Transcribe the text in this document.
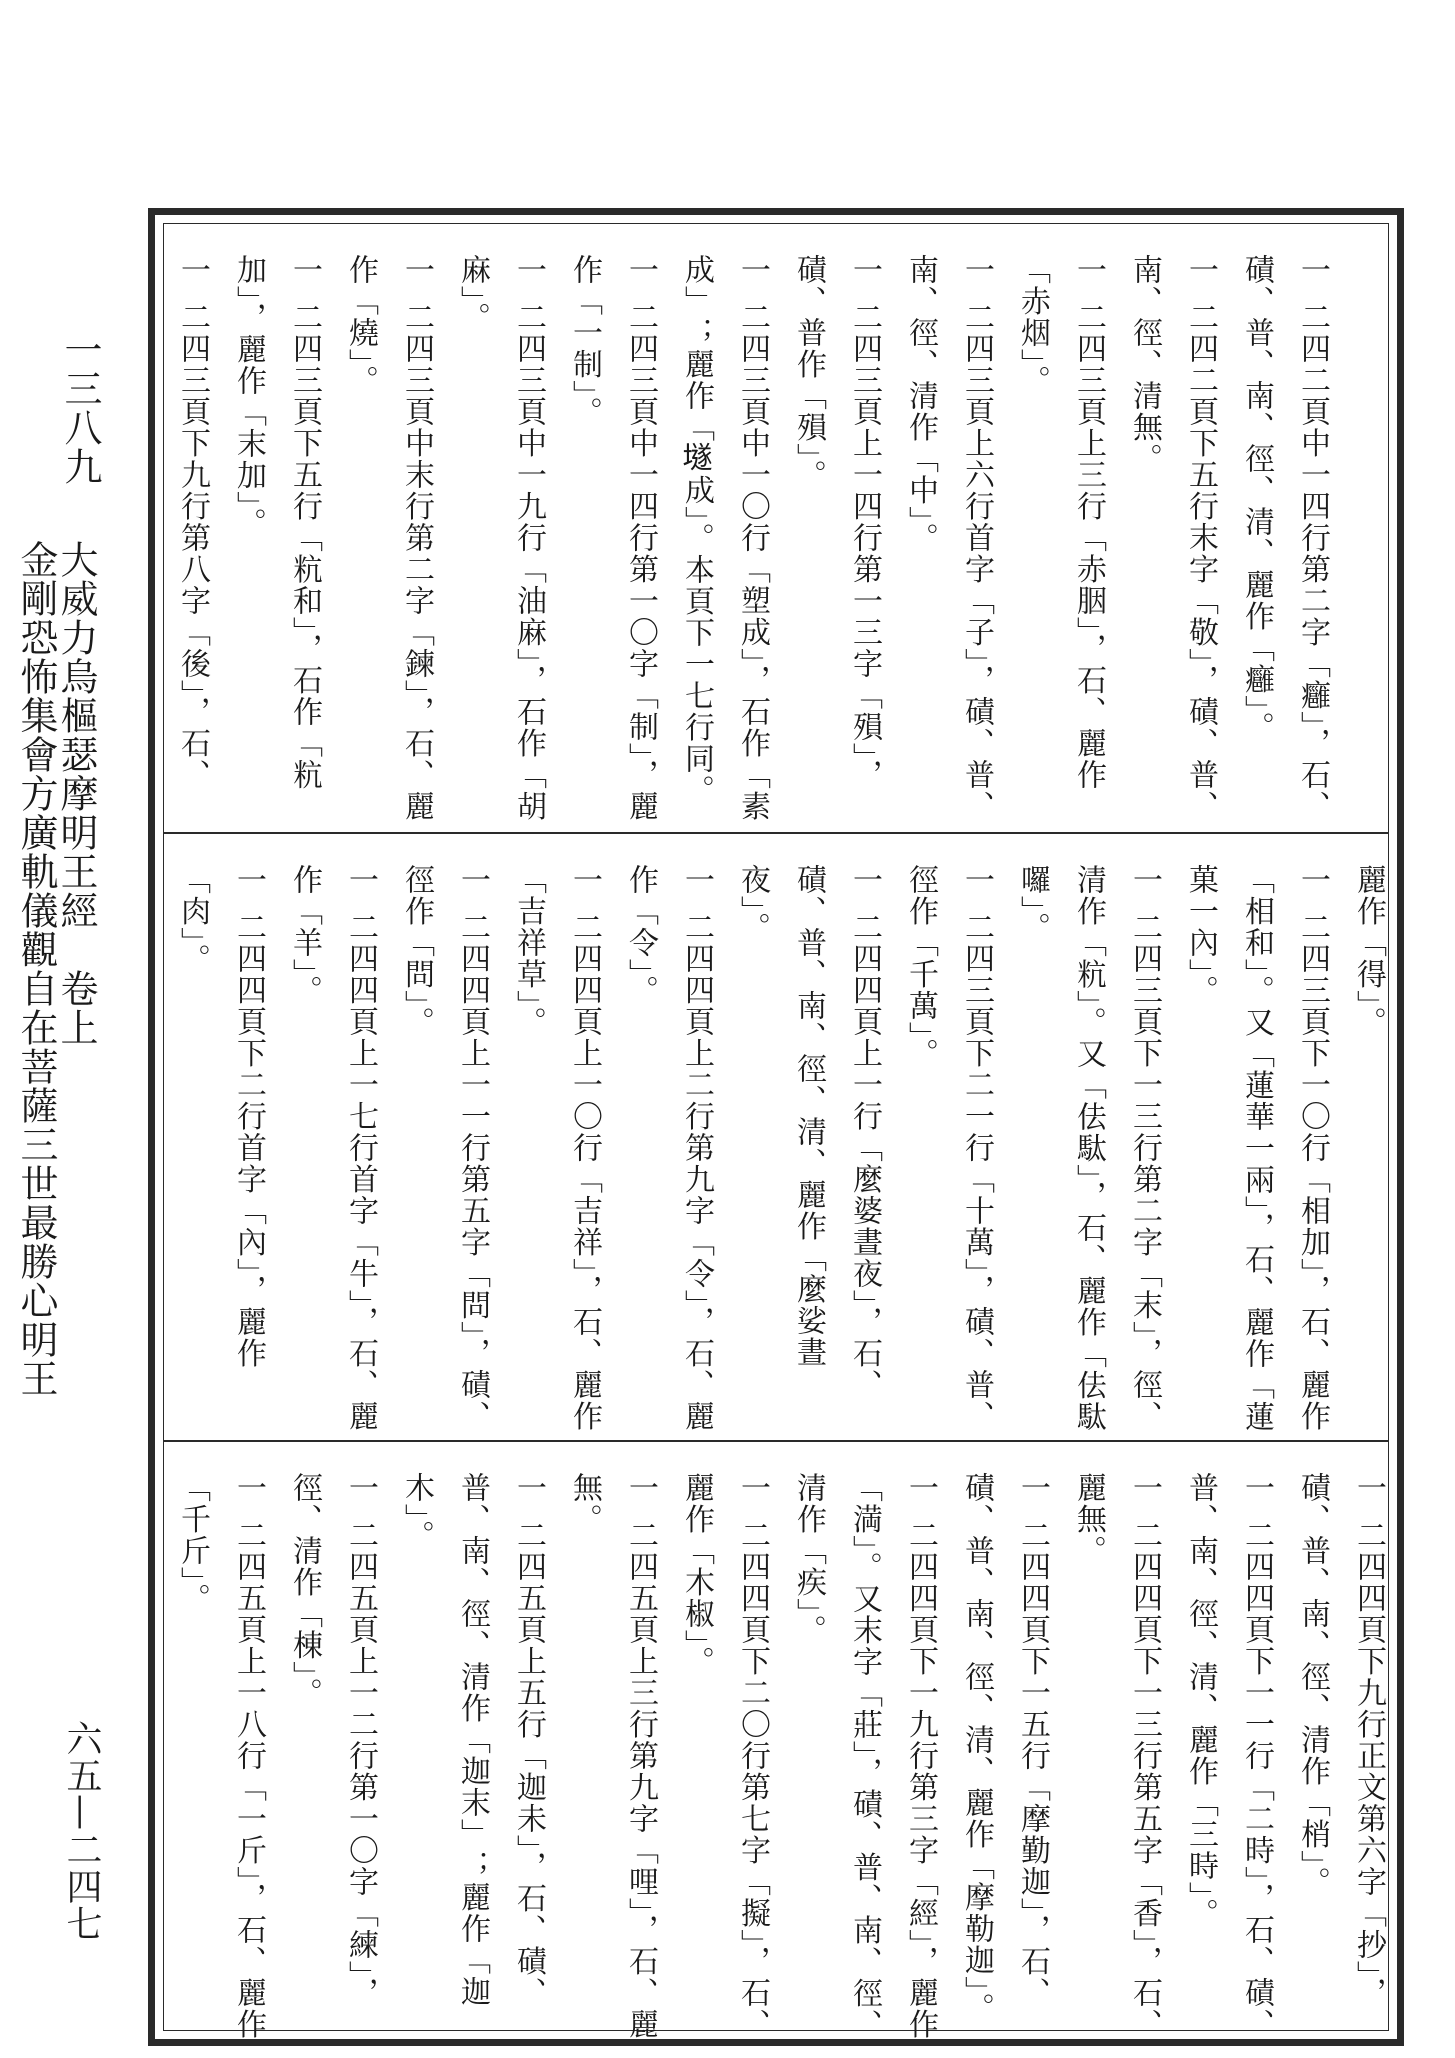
一三八九
金剛恐怖集會方廣軌儀觀自在菩薩三世最勝心明王
大威力烏樞瑟摩明王經　卷上
六五—二四七
一二四二頁中一四行第二字「癰」，石、磧、普、南、徑、清、麗作「癰」。
一二四二頁下五行末字「敬」，磧、普、南、徑、清無。
一二四三頁上三行「赤胭」，石、麗作「赤烟」。
一二四三頁上六行首字「子」，磧、普、南、徑、清作「中」。
一二四三頁上一四行第一三字「殞」，磧、普作「殞」。
一二四三頁中一〇行「塑成」，石作「素成」；麗作「𡑞成」。本頁下一七行同。
一二四三頁中一四行第一〇字「制」，麗作「一制」。
一二四三頁中一九行「油麻」，石作「胡麻」。
一二四三頁中末行第二字「鍊」，石、麗作「燒」。
一二四三頁下五行「粇和」，石作「粇加」，麗作「末加」。
一二四三頁下九行第八字「後」，石、
麗作「得」。
一二四三頁下一〇行「相加」，石、麗作「相和」。又「蓮華一兩」，石、麗作「蓮菓一內」。
一二四三頁下一三行第二字「末」，徑、清作「粇」。又「佉駄」，石、麗作「佉駄囉」。
一二四三頁下二一行「十萬」，磧、普、徑作「千萬」。
一二四四頁上一行「麼婆晝夜」，石、磧、普、南、徑、清、麗作「麼娑晝夜」。
一二四四頁上二行第九字「令」，石、麗作「令」。
一二四四頁上一〇行「吉祥」，石、麗作「吉祥草」。
一二四四頁上一一行第五字「問」，磧、徑作「問」。
一二四四頁上一七行首字「牛」，石、麗作「羊」。
一二四四頁下二行首字「內」，麗作「肉」。
一二四四頁下九行正文第六字「抄」，磧、普、南、徑、清作「梢」。
一二四四頁下一一行「二時」，石、磧、普、南、徑、清、麗作「三時」。
一二四四頁下一三行第五字「香」，石、麗無。
一二四四頁下一五行「摩勤迦」，石、磧、普、南、徑、清、麗作「摩勒迦」。
一二四四頁下一九行第三字「經」，麗作「満」。又末字「莊」，磧、普、南、徑、清作「疾」。
一二四四頁下二〇行第七字「擬」，石、麗作「木椒」。
一二四五頁上三行第九字「哩」，石、麗無。
一二四五頁上五行「迦未」，石、磧、普、南、徑、清作「迦末」；麗作「迦木」。
一二四五頁上一二行第一〇字「練」，徑、清作「棟」。
一二四五頁上一八行「一斤」，石、麗作「千斤」。
